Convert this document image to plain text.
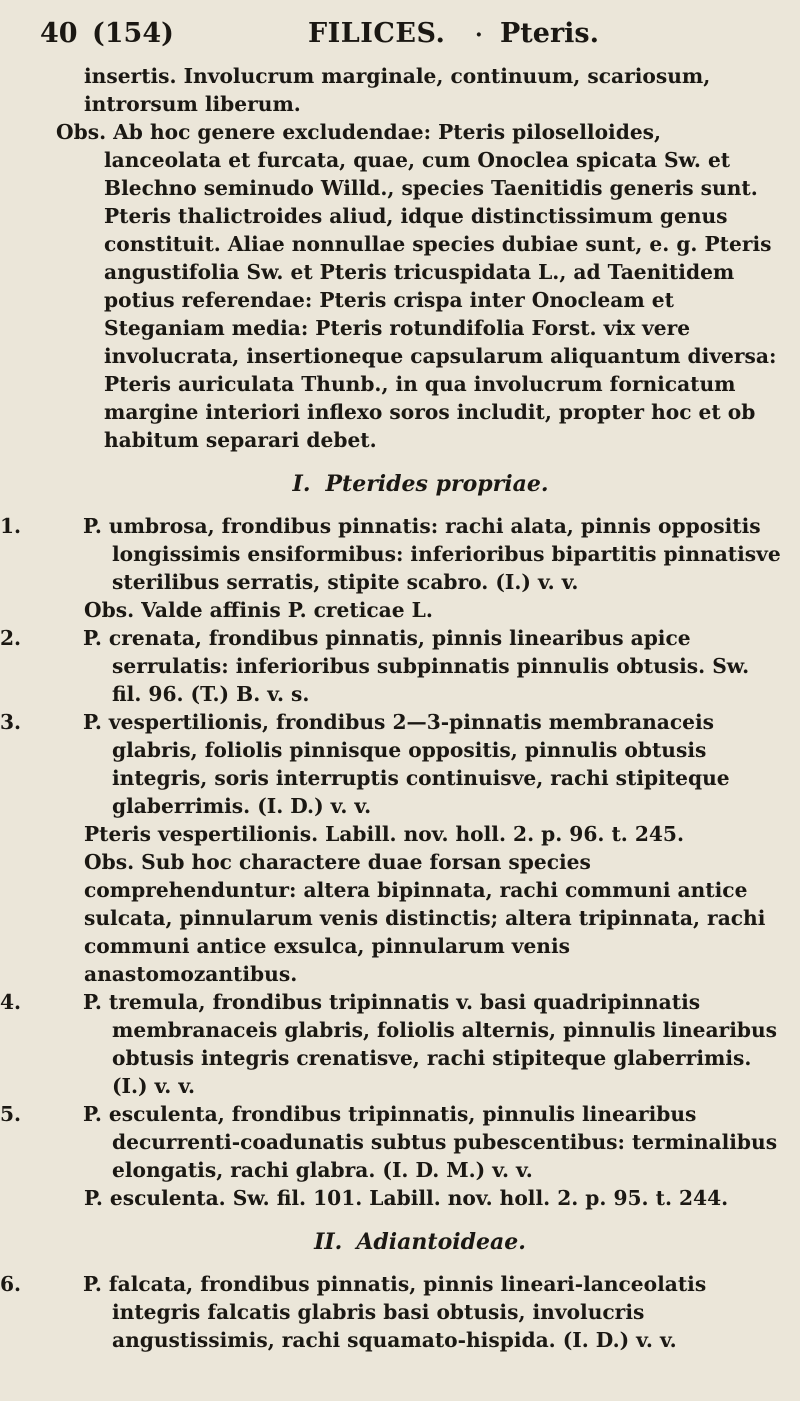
40 (154)	FILICES. · Pteris.

insertis. Involucrum marginale, continuum, scariosum, introrsum liberum.

Obs. Ab hoc genere excludendae: Pteris piloselloides, lanceolata et furcata, quae, cum Onoclea spicata Sw. et Blechno seminudo Willd., species Taenitidis generis sunt. Pteris thalictroides aliud, idque distinctissimum genus constituit. Aliae nonnullae species dubiae sunt, e. g. Pteris angustifolia Sw. et Pteris tricuspidata L., ad Taenitidem potius referendae: Pteris crispa inter Onocleam et Steganiam media: Pteris rotundifolia Forst. vix vere involucrata, insertioneque capsularum aliquantum diversa: Pteris auriculata Thunb., in qua involucrum fornicatum margine interiori inflexo soros includit, propter hoc et ob habitum separari debet.

I. Pterides propriae.

1.	P. umbrosa, frondibus pinnatis: rachi alata, pinnis oppositis longissimis ensiformibus: inferioribus bipartitis pinnatisve sterilibus serratis, stipite scabro. (I.) v. v.

Obs. Valde affinis P. creticae L.

2.	P. crenata, frondibus pinnatis, pinnis linearibus apice serrulatis: inferioribus subpinnatis pinnulis obtusis. Sw. fil. 96. (T.) B. v. s.

3.	P. vespertilionis, frondibus 2—3-pinnatis membranaceis glabris, foliolis pinnisque oppositis, pinnulis obtusis integris, soris interruptis continuisve, rachi stipiteque glaberrimis. (I. D.) v. v.

Pteris vespertilionis. Labill. nov. holl. 2. p. 96. t. 245.

Obs. Sub hoc charactere duae forsan species comprehenduntur: altera bipinnata, rachi communi antice sulcata, pinnularum venis distinctis; altera tripinnata, rachi communi antice exsulca, pinnularum venis anastomozantibus.

4.	P. tremula, frondibus tripinnatis v. basi quadripinnatis membranaceis glabris, foliolis alternis, pinnulis linearibus obtusis integris crenatisve, rachi stipiteque glaberrimis. (I.) v. v.

5.	P. esculenta, frondibus tripinnatis, pinnulis linearibus decurrenti-coadunatis subtus pubescentibus: terminalibus elongatis, rachi glabra. (I. D. M.) v. v.

P. esculenta. Sw. fil. 101. Labill. nov. holl. 2. p. 95. t. 244.

II. Adiantoideae.

6.	P. falcata, frondibus pinnatis, pinnis lineari-lanceolatis integris falcatis glabris basi obtusis, involucris angustissimis, rachi squamato-hispida. (I. D.) v. v.
